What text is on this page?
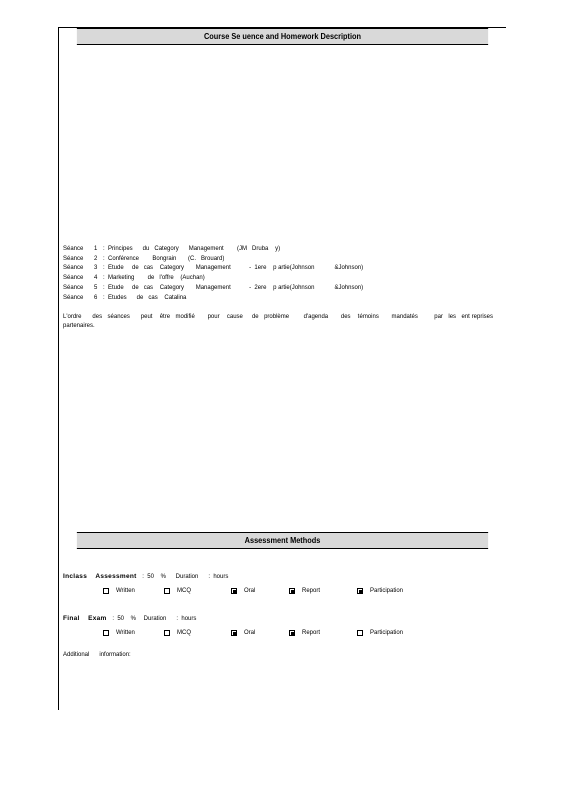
Course Se uence and Homework Description
Séance	1 :  Principes      du   Category      Management        (JM   Druba    y)
Séance	2 :  Conférence        Bongrain       (C.   Brouard)
Séance	3 :  Etude     de   cas    Category       Management           -  1ere    p artie(Johnson            &Johnson)
Séance	4 :  Marketing        de   l'offre    (Auchan)
Séance	5 :  Etude     de   cas    Category       Management           -  2ere    p artie(Johnson            &Johnson)
Séance	6 :  Etudes      de   cas    Catalina
L'ordre      des   séances      peut    être   modifié       pour    cause     de   problème        d'agenda       des    témoins       mandatés         par   les   ent reprises partenaires.
Assessment Methods
Inclass    Assessment :  50    % Duration      :  hours
Written	MCQ	Oral	Report	Participation
Final    Exam :  50    % Duration      :  hours
Written	MCQ	Oral	Report	Participation
Additional      information:
